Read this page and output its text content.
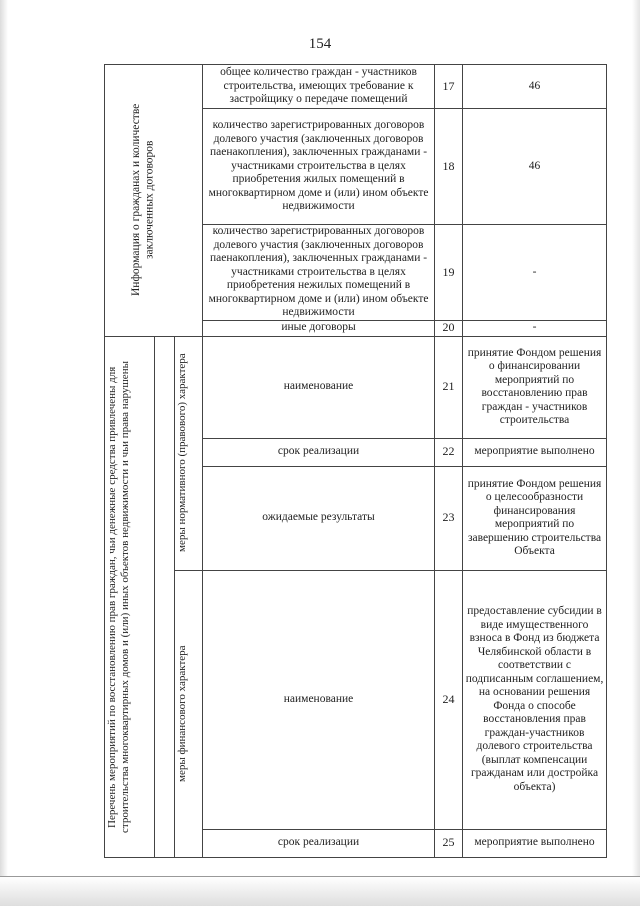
154
Информация о гражданах и количестве заключенных договоров			общее количество граждан - участников строительства, имеющих требование к застройщику о передаче помещений	17	46
			количество зарегистрированных договоров долевого участия (заключенных договоров паенакопления), заключенных гражданами - участниками строительства в целях приобретения жилых помещений в многоквартирном доме и (или) ином объекте недвижимости	18	46
			количество зарегистрированных договоров долевого участия (заключенных договоров паенакопления), заключенных гражданами - участниками строительства в целях приобретения нежилых помещений в многоквартирном доме и (или) ином объекте недвижимости	19	-
			иные договоры	20	-

Перечень мероприятий по восстановлению прав граждан, чьи денежные средства привлечены для строительства многоквартирных домов и (или) иных объектов недвижимости и чьи права нарушены		меры нормативного (правового) характера	наименование	21	принятие Фондом решения о финансировании мероприятий по восстановлению прав граждан - участников строительства
			срок реализации	22	мероприятие выполнено
			ожидаемые результаты	23	принятие Фондом решения о целесообразности финансирования мероприятий по завершению строительства Объекта

		меры финансового характера	наименование	24	предоставление субсидии в виде имущественного взноса в Фонд из бюджета Челябинской области в соответствии с подписанным соглашением, на основании решения Фонда о способе восстановления прав граждан-участников долевого строительства (выплат компенсации гражданам или достройка объекта)
			срок реализации	25	мероприятие выполнено
